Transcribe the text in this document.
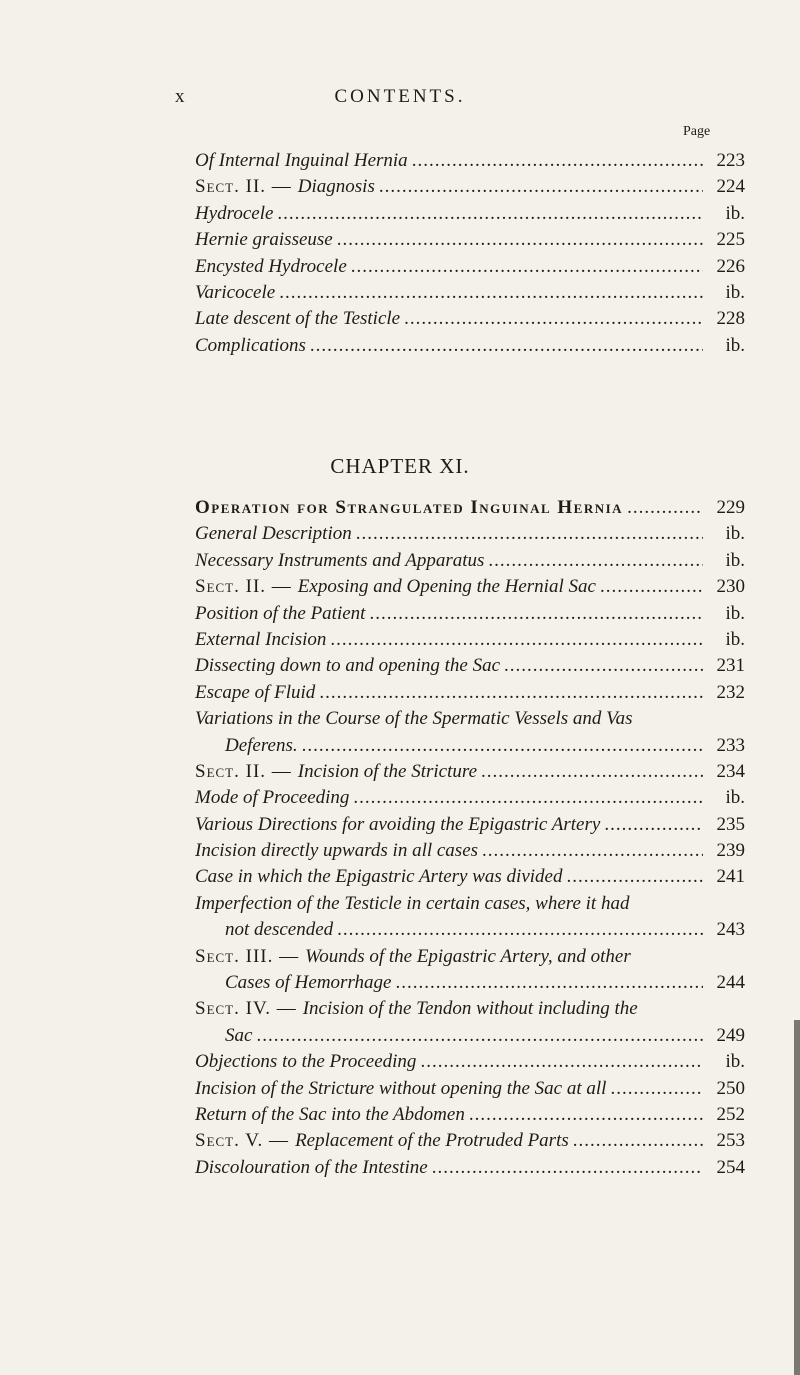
x	CONTENTS.
Page
Of Internal Inguinal Hernia .....	223
Sect. II. — Diagnosis .....	224
Hydrocele .....	ib.
Hernie graisseuse .....	225
Encysted Hydrocele .....	226
Varicocele .....	ib.
Late descent of the Testicle .....	228
Complications .....	ib.
CHAPTER XI.
Operation for Strangulated Inguinal Hernia .....	229
General Description .....	ib.
Necessary Instruments and Apparatus .....	ib.
Sect. II. — Exposing and Opening the Hernial Sac .....	230
Position of the Patient .....	ib.
External Incision .....	ib.
Dissecting down to and opening the Sac .....	231
Escape of Fluid .....	232
Variations in the Course of the Spermatic Vessels and Vas
Deferens. .....	233
Sect. II. — Incision of the Stricture .....	234
Mode of Proceeding .....	ib.
Various Directions for avoiding the Epigastric Artery .....	235
Incision directly upwards in all cases .....	239
Case in which the Epigastric Artery was divided .....	241
Imperfection of the Testicle in certain cases, where it had
not descended .....	243
Sect. III. — Wounds of the Epigastric Artery, and other
Cases of Hemorrhage .....	244
Sect. IV. — Incision of the Tendon without including the
Sac .....	249
Objections to the Proceeding .....	ib.
Incision of the Stricture without opening the Sac at all .....	250
Return of the Sac into the Abdomen .....	252
Sect. V. — Replacement of the Protruded Parts .....	253
Discolouration of the Intestine .....	254
